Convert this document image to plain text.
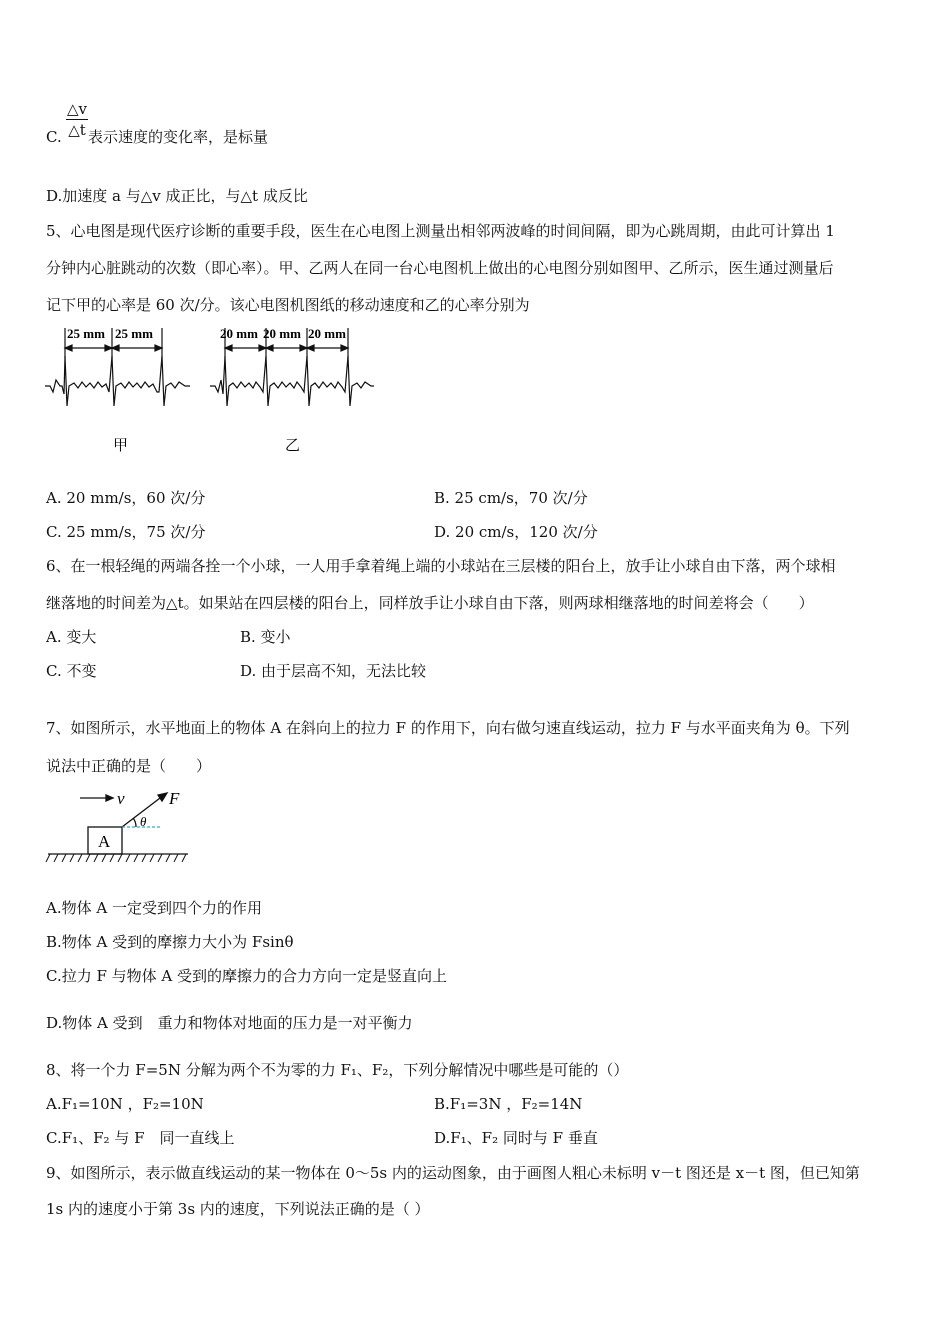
△v
△t
C. 表示速度的变化率，是标量
D.加速度 a 与△v 成正比，与△t 成反比
5、心电图是现代医疗诊断的重要手段，医生在心电图上测量出相邻两波峰的时间间隔，即为心跳周期，由此可计算出 1
分钟内心脏跳动的次数（即心率）。甲、乙两人在同一台心电图机上做出的心电图分别如图甲、乙所示，医生通过测量后
记下甲的心率是 60 次/分。该心电图机图纸的移动速度和乙的心率分别为
25 mm 25 mm	20 mm 20 mm 20 mm
甲	乙
A. 20 mm/s，60 次/分	B. 25 cm/s，70 次/分
C. 25 mm/s，75 次/分	D. 20 cm/s，120 次/分
6、在一根轻绳的两端各拴一个小球，一人用手拿着绳上端的小球站在三层楼的阳台上，放手让小球自由下落，两个球相
继落地的时间差为△t。如果站在四层楼的阳台上，同样放手让小球自由下落，则两球相继落地的时间差将会（　　）
A. 变大	B. 变小
C. 不变	D. 由于层高不知，无法比较
7、如图所示，水平地面上的物体 A 在斜向上的拉力 F 的作用下，向右做匀速直线运动，拉力 F 与水平面夹角为 θ。下列
说法中正确的是（　　）
v	F
θ
A
A.物体 A 一定受到四个力的作用
B.物体 A 受到的摩擦力大小为 Fsinθ
C.拉力 F 与物体 A 受到的摩擦力的合力方向一定是竖直向上
D.物体 A 受到　重力和物体对地面的压力是一对平衡力
8、将一个力 F=5N 分解为两个不为零的力 F₁、F₂，下列分解情况中哪些是可能的（）
A.F₁=10N ，F₂=10N	B.F₁=3N ，F₂=14N
C.F₁、F₂ 与 F　同一直线上	D.F₁、F₂ 同时与 F 垂直
9、如图所示，表示做直线运动的某一物体在 0～5s 内的运动图象，由于画图人粗心未标明 v－t 图还是 x－t 图，但已知第
1s 内的速度小于第 3s 内的速度，下列说法正确的是（ ）
